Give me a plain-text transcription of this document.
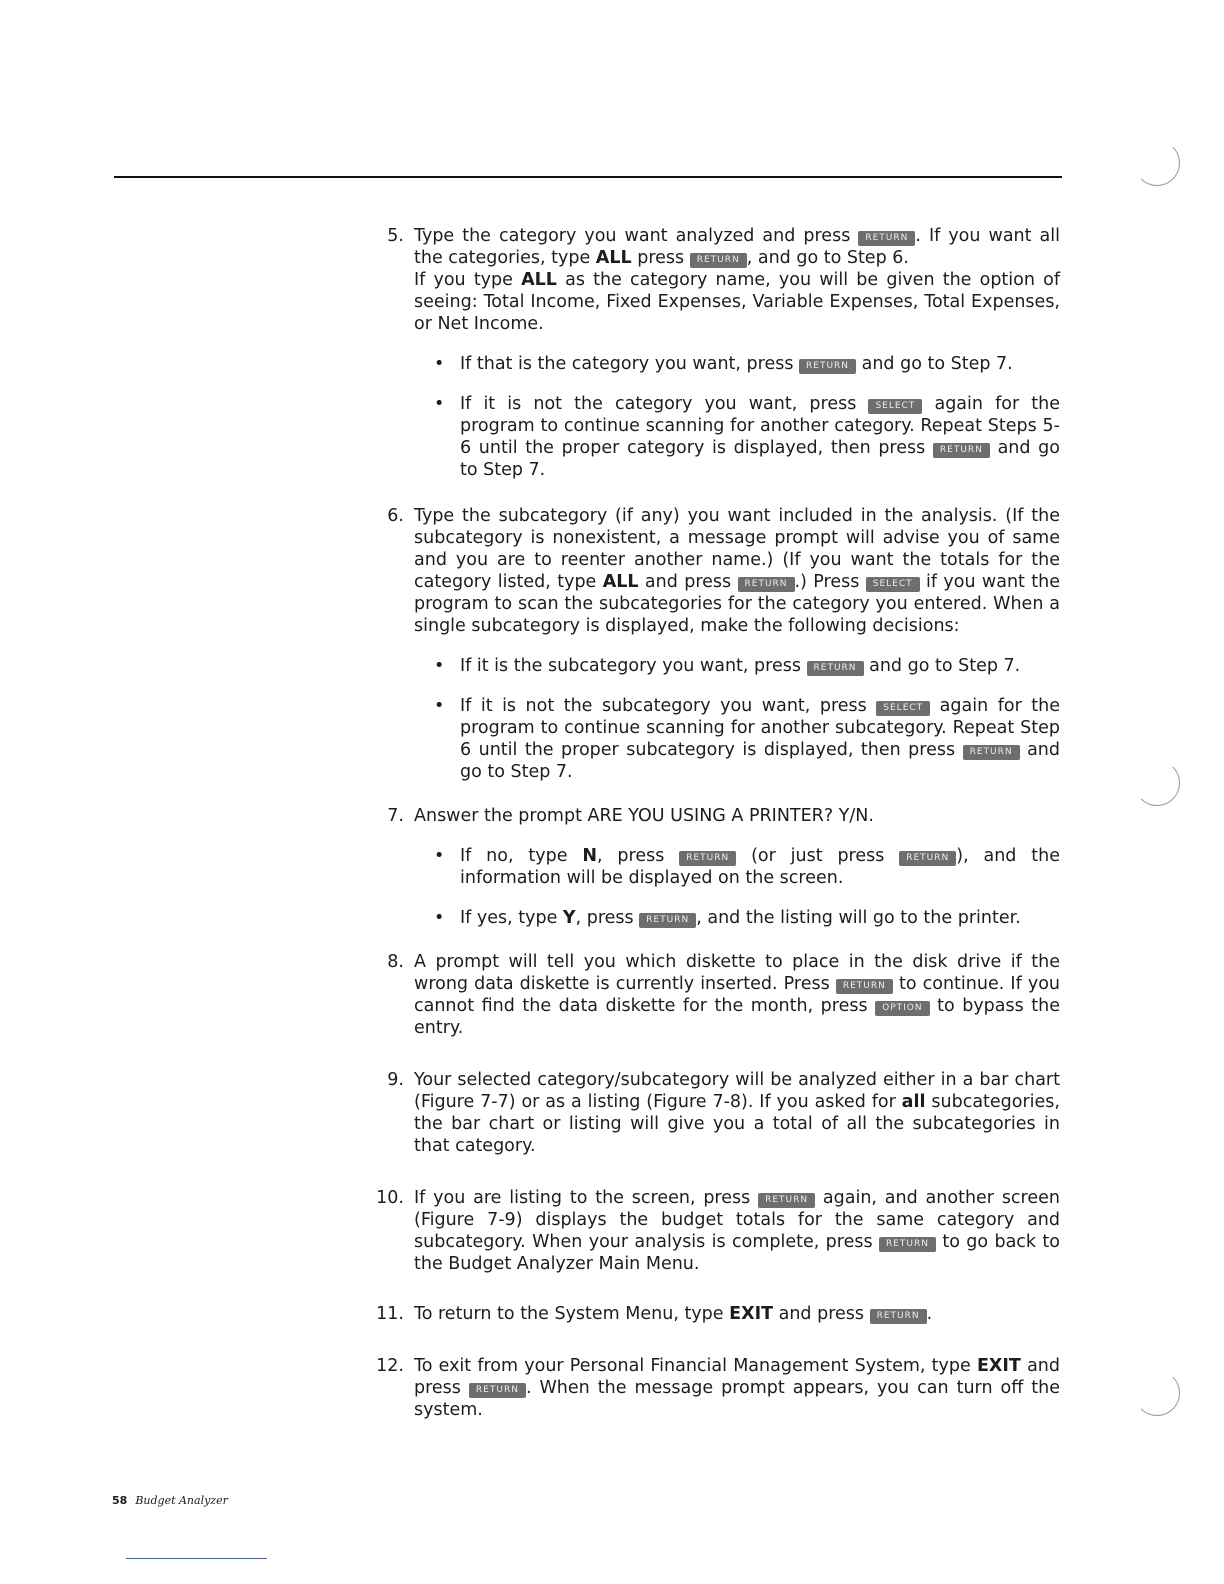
5. Type the category you want analyzed and press RETURN . If you want all the categories, type ALL press RETURN , and go to Step 6.

If you type ALL as the category name, you will be given the option of seeing: Total Income, Fixed Expenses, Variable Expenses, Total Expenses, or Net Income.

• If that is the category you want, press RETURN and go to Step 7.

• If it is not the category you want, press SELECT again for the program to continue scanning for another category. Repeat Steps 5-6 until the proper category is displayed, then press RETURN and go to Step 7.

6. Type the subcategory (if any) you want included in the analysis. (If the subcategory is nonexistent, a message prompt will advise you of same and you are to reenter another name.) (If you want the totals for the category listed, type ALL and press RETURN .) Press SELECT if you want the program to scan the subcategories for the category you entered. When a single subcategory is displayed, make the following decisions:

• If it is the subcategory you want, press RETURN and go to Step 7.

• If it is not the subcategory you want, press SELECT again for the program to continue scanning for another subcategory. Repeat Step 6 until the proper subcategory is displayed, then press RETURN and go to Step 7.

7. Answer the prompt ARE YOU USING A PRINTER? Y/N.

• If no, type N, press RETURN (or just press RETURN ), and the information will be displayed on the screen.

• If yes, type Y, press RETURN , and the listing will go to the printer.

8. A prompt will tell you which diskette to place in the disk drive if the wrong data diskette is currently inserted. Press RETURN to continue. If you cannot find the data diskette for the month, press OPTION to bypass the entry.

9. Your selected category/subcategory will be analyzed either in a bar chart (Figure 7-7) or as a listing (Figure 7-8). If you asked for all subcategories, the bar chart or listing will give you a total of all the subcategories in that category.

10. If you are listing to the screen, press RETURN again, and another screen (Figure 7-9) displays the budget totals for the same category and subcategory. When your analysis is complete, press RETURN to go back to the Budget Analyzer Main Menu.

11. To return to the System Menu, type EXIT and press RETURN .

12. To exit from your Personal Financial Management System, type EXIT and press RETURN . When the message prompt appears, you can turn off the system.

58 Budget Analyzer
